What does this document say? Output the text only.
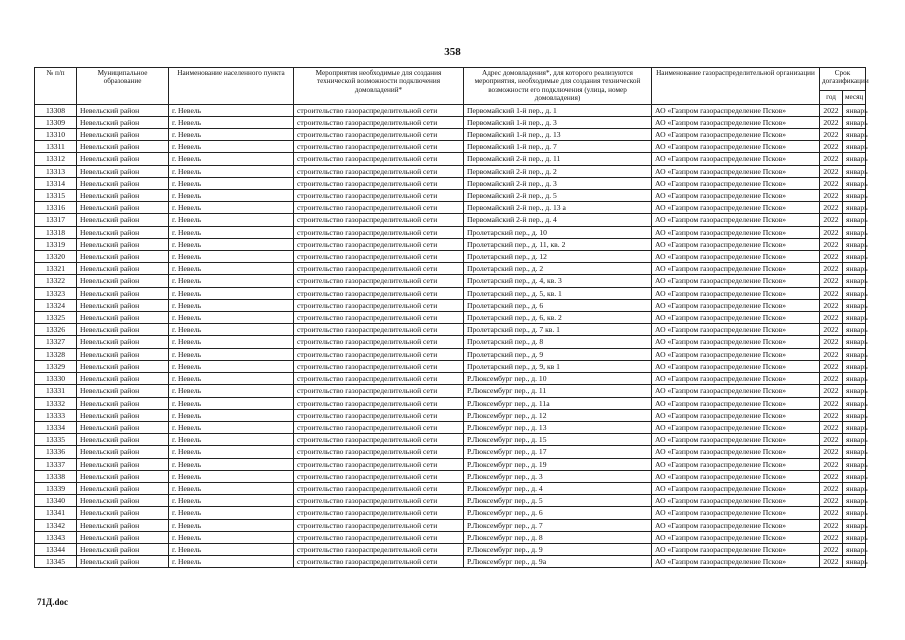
358
№ п/п	Муниципальное образование	Наименование населенного пункта	Мероприятия необходимые для создания технической возможности подключения домовладений*	Адрес домовладения*, для которого реализуются мероприятия, необходимые для создания технической возможности его подключения (улица, номер домовладения)	Наименование газораспределительной организации	Срок догазификации	
						год	месяц
13308	Невельский район	г. Невель	строительство газораспределительной сети	Первомайский 1-й пер., д. 1	АО «Газпром газораспределение Псков»	2022	январь
13309	Невельский район	г. Невель	строительство газораспределительной сети	Первомайский 1-й пер., д. 3	АО «Газпром газораспределение Псков»	2022	январь
13310	Невельский район	г. Невель	строительство газораспределительной сети	Первомайский 1-й пер., д. 13	АО «Газпром газораспределение Псков»	2022	январь
13311	Невельский район	г. Невель	строительство газораспределительной сети	Первомайский 1-й пер., д. 7	АО «Газпром газораспределение Псков»	2022	январь
13312	Невельский район	г. Невель	строительство газораспределительной сети	Первомайский 2-й пер., д. 11	АО «Газпром газораспределение Псков»	2022	январь
13313	Невельский район	г. Невель	строительство газораспределительной сети	Первомайский 2-й пер., д. 2	АО «Газпром газораспределение Псков»	2022	январь
13314	Невельский район	г. Невель	строительство газораспределительной сети	Первомайский 2-й пер., д. 3	АО «Газпром газораспределение Псков»	2022	январь
13315	Невельский район	г. Невель	строительство газораспределительной сети	Первомайский 2-й пер., д. 5	АО «Газпром газораспределение Псков»	2022	январь
13316	Невельский район	г. Невель	строительство газораспределительной сети	Первомайский 2-й пер., д. 13 а	АО «Газпром газораспределение Псков»	2022	январь
13317	Невельский район	г. Невель	строительство газораспределительной сети	Первомайский 2-й пер., д. 4	АО «Газпром газораспределение Псков»	2022	январь
13318	Невельский район	г. Невель	строительство газораспределительной сети	Пролетарский пер., д. 10	АО «Газпром газораспределение Псков»	2022	январь
13319	Невельский район	г. Невель	строительство газораспределительной сети	Пролетарский пер., д. 11, кв. 2	АО «Газпром газораспределение Псков»	2022	январь
13320	Невельский район	г. Невель	строительство газораспределительной сети	Пролетарский пер., д. 12	АО «Газпром газораспределение Псков»	2022	январь
13321	Невельский район	г. Невель	строительство газораспределительной сети	Пролетарский пер., д. 2	АО «Газпром газораспределение Псков»	2022	январь
13322	Невельский район	г. Невель	строительство газораспределительной сети	Пролетарский пер., д. 4, кв. 3	АО «Газпром газораспределение Псков»	2022	январь
13323	Невельский район	г. Невель	строительство газораспределительной сети	Пролетарский пер., д. 5, кв. 1	АО «Газпром газораспределение Псков»	2022	январь
13324	Невельский район	г. Невель	строительство газораспределительной сети	Пролетарский пер., д. 6	АО «Газпром газораспределение Псков»	2022	январь
13325	Невельский район	г. Невель	строительство газораспределительной сети	Пролетарский пер., д. 6, кв. 2	АО «Газпром газораспределение Псков»	2022	январь
13326	Невельский район	г. Невель	строительство газораспределительной сети	Пролетарский пер., д. 7 кв. 1	АО «Газпром газораспределение Псков»	2022	январь
13327	Невельский район	г. Невель	строительство газораспределительной сети	Пролетарский пер., д. 8	АО «Газпром газораспределение Псков»	2022	январь
13328	Невельский район	г. Невель	строительство газораспределительной сети	Пролетарский пер., д. 9	АО «Газпром газораспределение Псков»	2022	январь
13329	Невельский район	г. Невель	строительство газораспределительной сети	Пролетарский пер., д. 9, кв 1	АО «Газпром газораспределение Псков»	2022	январь
13330	Невельский район	г. Невель	строительство газораспределительной сети	Р.Люксембург пер., д. 10	АО «Газпром газораспределение Псков»	2022	январь
13331	Невельский район	г. Невель	строительство газораспределительной сети	Р.Люксембург пер., д. 11	АО «Газпром газораспределение Псков»	2022	январь
13332	Невельский район	г. Невель	строительство газораспределительной сети	Р.Люксембург пер., д. 11а	АО «Газпром газораспределение Псков»	2022	январь
13333	Невельский район	г. Невель	строительство газораспределительной сети	Р.Люксембург пер., д. 12	АО «Газпром газораспределение Псков»	2022	январь
13334	Невельский район	г. Невель	строительство газораспределительной сети	Р.Люксембург пер., д. 13	АО «Газпром газораспределение Псков»	2022	январь
13335	Невельский район	г. Невель	строительство газораспределительной сети	Р.Люксембург пер., д. 15	АО «Газпром газораспределение Псков»	2022	январь
13336	Невельский район	г. Невель	строительство газораспределительной сети	Р.Люксембург пер., д. 17	АО «Газпром газораспределение Псков»	2022	январь
13337	Невельский район	г. Невель	строительство газораспределительной сети	Р.Люксембург пер., д. 19	АО «Газпром газораспределение Псков»	2022	январь
13338	Невельский район	г. Невель	строительство газораспределительной сети	Р.Люксембург пер., д. 3	АО «Газпром газораспределение Псков»	2022	январь
13339	Невельский район	г. Невель	строительство газораспределительной сети	Р.Люксембург пер., д. 4	АО «Газпром газораспределение Псков»	2022	январь
13340	Невельский район	г. Невель	строительство газораспределительной сети	Р.Люксембург пер., д. 5	АО «Газпром газораспределение Псков»	2022	январь
13341	Невельский район	г. Невель	строительство газораспределительной сети	Р.Люксембург пер., д. 6	АО «Газпром газораспределение Псков»	2022	январь
13342	Невельский район	г. Невель	строительство газораспределительной сети	Р.Люксембург пер., д. 7	АО «Газпром газораспределение Псков»	2022	январь
13343	Невельский район	г. Невель	строительство газораспределительной сети	Р.Люксембург пер., д. 8	АО «Газпром газораспределение Псков»	2022	январь
13344	Невельский район	г. Невель	строительство газораспределительной сети	Р.Люксембург пер., д. 9	АО «Газпром газораспределение Псков»	2022	январь
13345	Невельский район	г. Невель	строительство газораспределительной сети	Р.Люксембург пер., д. 9а	АО «Газпром газораспределение Псков»	2022	январь
71Д.doc
